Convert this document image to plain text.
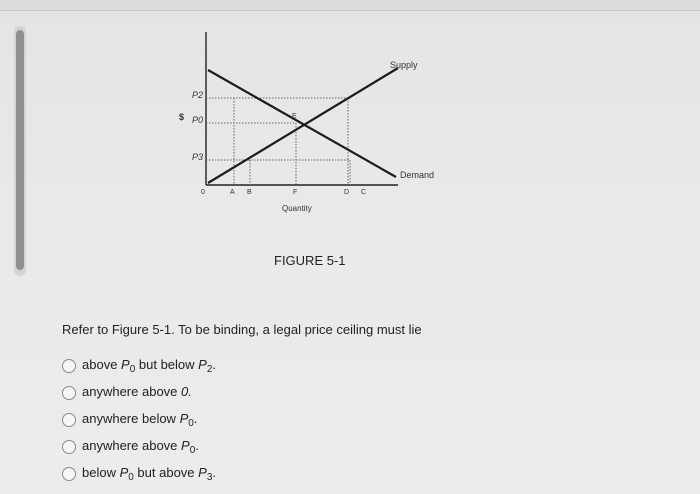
$
P2
P0
P3
0	A B	F	D C
E
Supply
Demand
Quantity
FIGURE 5-1
Refer to Figure 5-1. To be binding, a legal price ceiling must lie
above $P_0$ but below $P_2$.
anywhere above 0.
anywhere below $P_0$.
anywhere above $P_0$.
below $P_0$ but above $P_3$.
